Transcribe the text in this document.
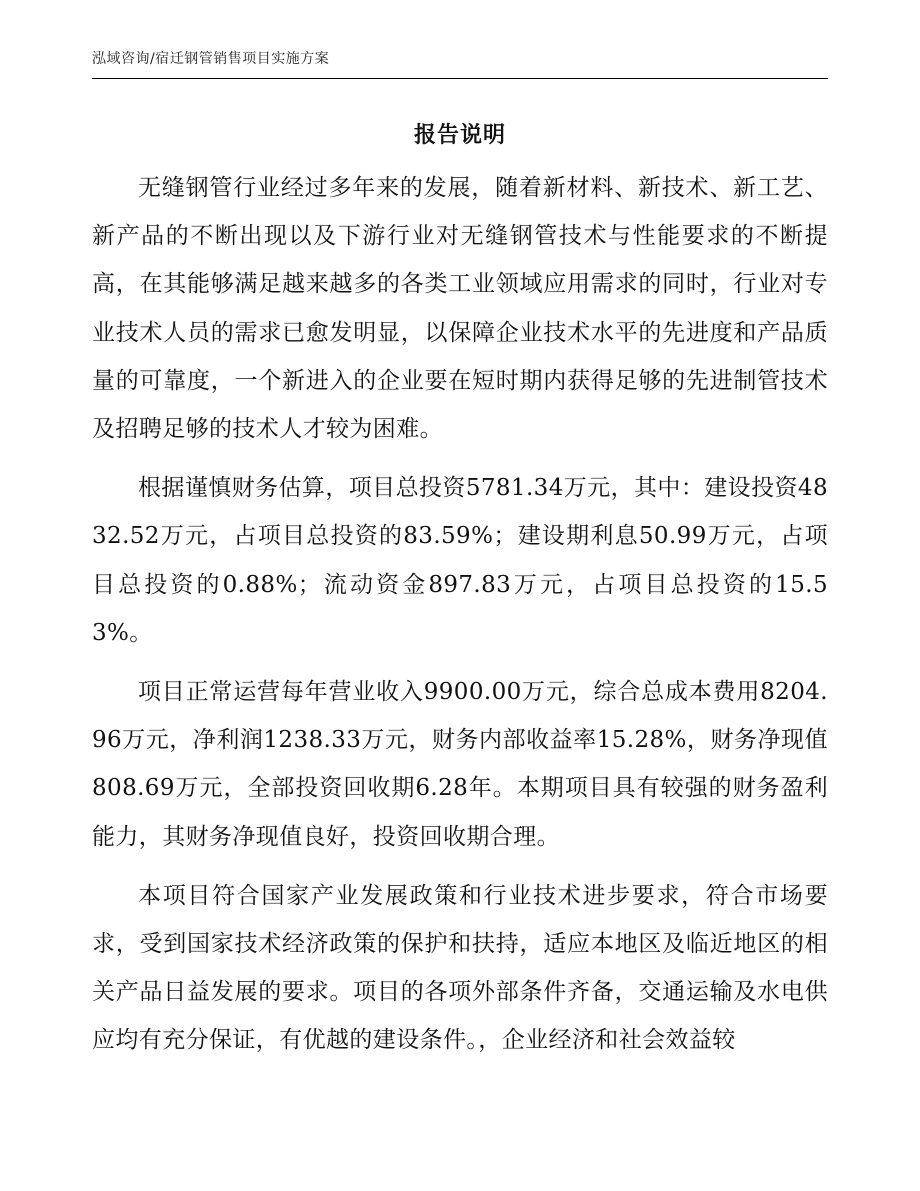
泓域咨询/宿迁钢管销售项目实施方案
报告说明

无缝钢管行业经过多年来的发展，随着新材料、新技术、新工艺、新产品的不断出现以及下游行业对无缝钢管技术与性能要求的不断提高，在其能够满足越来越多的各类工业领域应用需求的同时，行业对专业技术人员的需求已愈发明显，以保障企业技术水平的先进度和产品质量的可靠度，一个新进入的企业要在短时期内获得足够的先进制管技术及招聘足够的技术人才较为困难。

根据谨慎财务估算，项目总投资5781.34万元，其中：建设投资4832.52万元，占项目总投资的83.59%；建设期利息50.99万元，占项目总投资的0.88%；流动资金897.83万元，占项目总投资的15.53%。

项目正常运营每年营业收入9900.00万元，综合总成本费用8204.96万元，净利润1238.33万元，财务内部收益率15.28%，财务净现值808.69万元，全部投资回收期6.28年。本期项目具有较强的财务盈利能力，其财务净现值良好，投资回收期合理。

本项目符合国家产业发展政策和行业技术进步要求，符合市场要求，受到国家技术经济政策的保护和扶持，适应本地区及临近地区的相关产品日益发展的要求。项目的各项外部条件齐备，交通运输及水电供应均有充分保证，有优越的建设条件。，企业经济和社会效益较
